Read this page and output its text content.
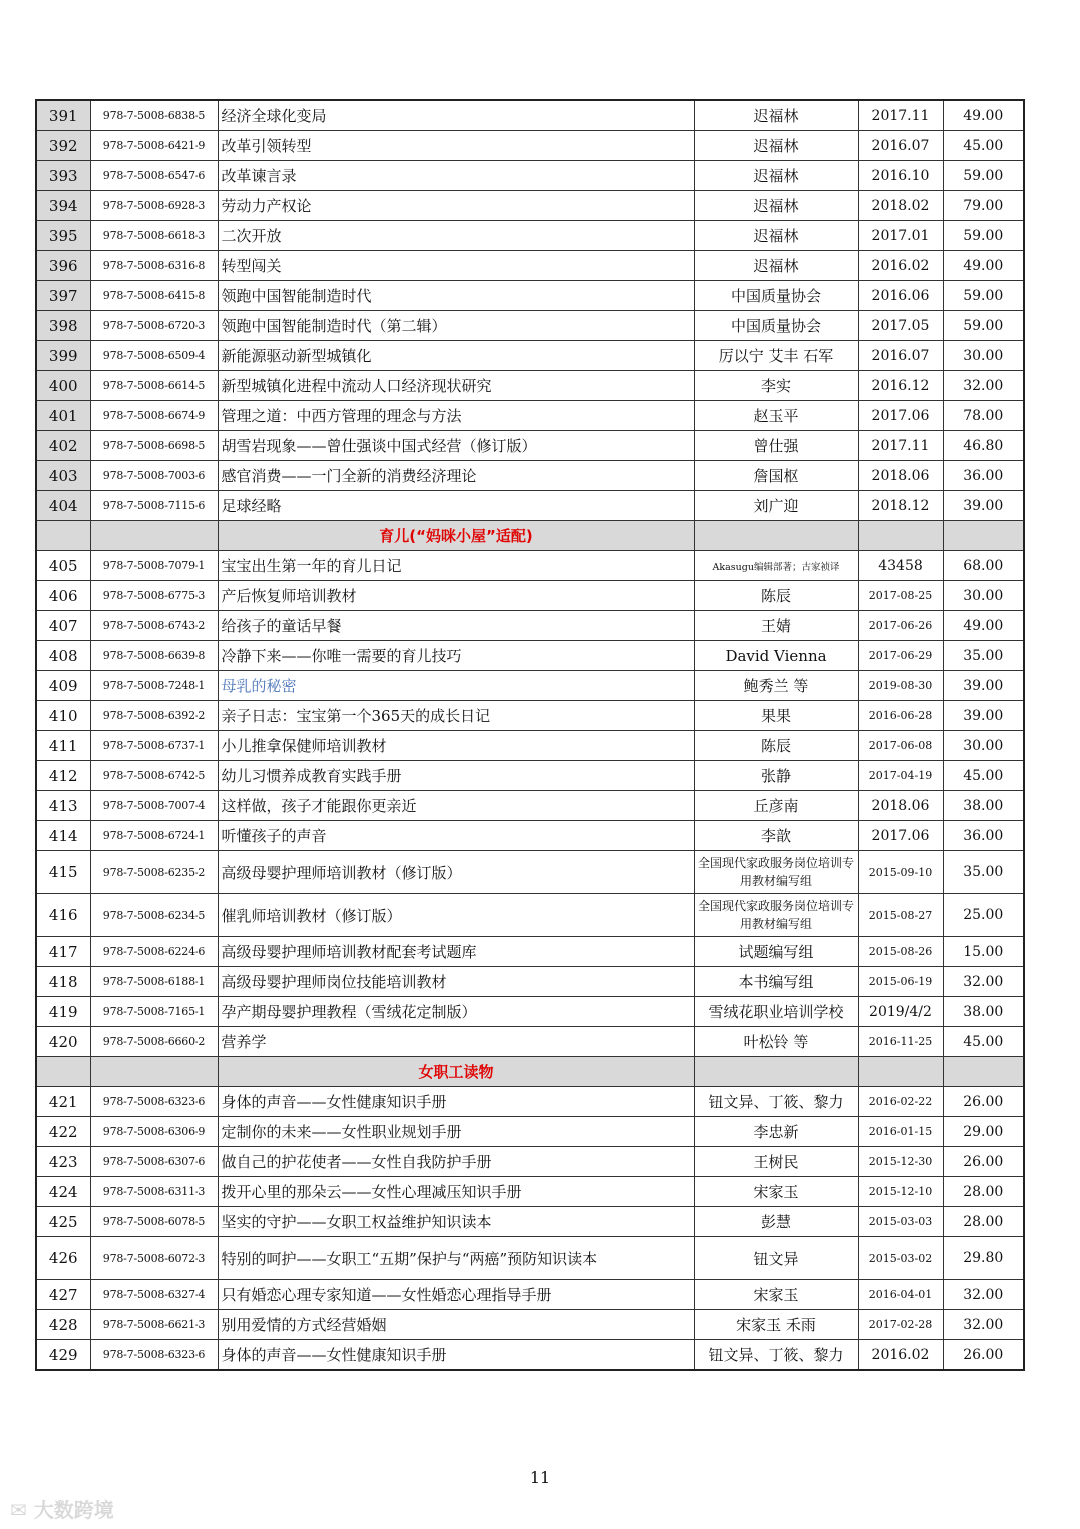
391	978-7-5008-6838-5	经济全球化变局	迟福林	2017.11	49.00
392	978-7-5008-6421-9	改革引领转型	迟福林	2016.07	45.00
393	978-7-5008-6547-6	改革谏言录	迟福林	2016.10	59.00
394	978-7-5008-6928-3	劳动力产权论	迟福林	2018.02	79.00
395	978-7-5008-6618-3	二次开放	迟福林	2017.01	59.00
396	978-7-5008-6316-8	转型闯关	迟福林	2016.02	49.00
397	978-7-5008-6415-8	领跑中国智能制造时代	中国质量协会	2016.06	59.00
398	978-7-5008-6720-3	领跑中国智能制造时代（第二辑）	中国质量协会	2017.05	59.00
399	978-7-5008-6509-4	新能源驱动新型城镇化	厉以宁 艾丰 石军	2016.07	30.00
400	978-7-5008-6614-5	新型城镇化进程中流动人口经济现状研究	李实	2016.12	32.00
401	978-7-5008-6674-9	管理之道：中西方管理的理念与方法	赵玉平	2017.06	78.00
402	978-7-5008-6698-5	胡雪岩现象——曾仕强谈中国式经营（修订版）	曾仕强	2017.11	46.80
403	978-7-5008-7003-6	感官消费——一门全新的消费经济理论	詹国枢	2018.06	36.00
404	978-7-5008-7115-6	足球经略	刘广迎	2018.12	39.00
		育儿(“妈咪小屋”适配)			
405	978-7-5008-7079-1	宝宝出生第一年的育儿日记	Akasugu编辑部著；古家祯译	43458	68.00
406	978-7-5008-6775-3	产后恢复师培训教材	陈辰	2017-08-25	30.00
407	978-7-5008-6743-2	给孩子的童话早餐	王婧	2017-06-26	49.00
408	978-7-5008-6639-8	冷静下来——你唯一需要的育儿技巧	David Vienna	2017-06-29	35.00
409	978-7-5008-7248-1	母乳的秘密	鲍秀兰 等	2019-08-30	39.00
410	978-7-5008-6392-2	亲子日志：宝宝第一个365天的成长日记	果果	2016-06-28	39.00
411	978-7-5008-6737-1	小儿推拿保健师培训教材	陈辰	2017-06-08	30.00
412	978-7-5008-6742-5	幼儿习惯养成教育实践手册	张静	2017-04-19	45.00
413	978-7-5008-7007-4	这样做，孩子才能跟你更亲近	丘彦南	2018.06	38.00
414	978-7-5008-6724-1	听懂孩子的声音	李歆	2017.06	36.00
415	978-7-5008-6235-2	高级母婴护理师培训教材（修订版）	全国现代家政服务岗位培训专用教材编写组	2015-09-10	35.00
416	978-7-5008-6234-5	催乳师培训教材（修订版）	全国现代家政服务岗位培训专用教材编写组	2015-08-27	25.00
417	978-7-5008-6224-6	高级母婴护理师培训教材配套考试题库	试题编写组	2015-08-26	15.00
418	978-7-5008-6188-1	高级母婴护理师岗位技能培训教材	本书编写组	2015-06-19	32.00
419	978-7-5008-7165-1	孕产期母婴护理教程（雪绒花定制版）	雪绒花职业培训学校	2019/4/2	38.00
420	978-7-5008-6660-2	营养学	叶松铃 等	2016-11-25	45.00
		女职工读物			
421	978-7-5008-6323-6	身体的声音——女性健康知识手册	钮文异、丁筱、黎力	2016-02-22	26.00
422	978-7-5008-6306-9	定制你的未来——女性职业规划手册	李忠新	2016-01-15	29.00
423	978-7-5008-6307-6	做自己的护花使者——女性自我防护手册	王树民	2015-12-30	26.00
424	978-7-5008-6311-3	拨开心里的那朵云——女性心理减压知识手册	宋家玉	2015-12-10	28.00
425	978-7-5008-6078-5	坚实的守护——女职工权益维护知识读本	彭慧	2015-03-03	28.00
426	978-7-5008-6072-3	特别的呵护——女职工“五期”保护与“两癌”预防知识读本	钮文异	2015-03-02	29.80
427	978-7-5008-6327-4	只有婚恋心理专家知道——女性婚恋心理指导手册	宋家玉	2016-04-01	32.00
428	978-7-5008-6621-3	别用爱情的方式经营婚姻	宋家玉 禾雨	2017-02-28	32.00
429	978-7-5008-6323-6	身体的声音——女性健康知识手册	钮文异、丁筱、黎力	2016.02	26.00
11
✉ 大数跨境
